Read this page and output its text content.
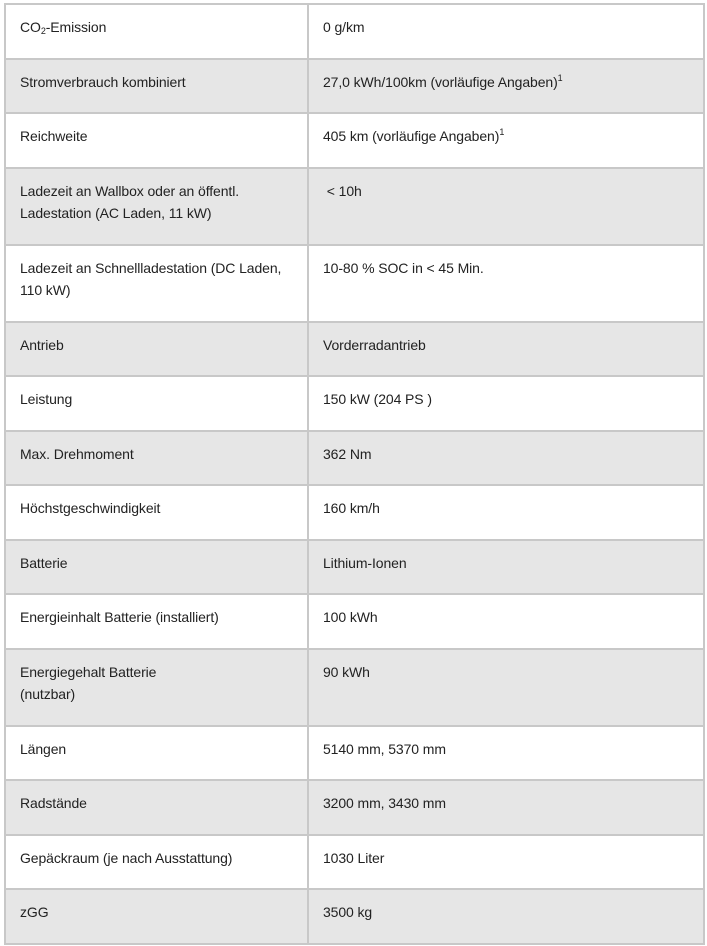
$CO_2$-Emission	0 g/km

Stromverbrauch kombiniert	27,0 kWh/100km (vorläufige Angaben)$^1$

Reichweite	405 km (vorläufige Angaben)$^1$

Ladezeit an Wallbox oder an öffentl.
Ladestation (AC Laden, 11 kW)	< 10h

Ladezeit an Schnellladestation (DC Laden,
110 kW)	10-80 % SOC in < 45 Min.

Antrieb	Vorderradantrieb

Leistung	150 kW (204 PS )

Max. Drehmoment	362 Nm

Höchstgeschwindigkeit	160 km/h

Batterie	Lithium-Ionen

Energieinhalt Batterie (installiert)	100 kWh

Energiegehalt Batterie
(nutzbar)	90 kWh

Längen	5140 mm, 5370 mm

Radstände	3200 mm, 3430 mm

Gepäckraum (je nach Ausstattung)	1030 Liter

zGG	3500 kg
